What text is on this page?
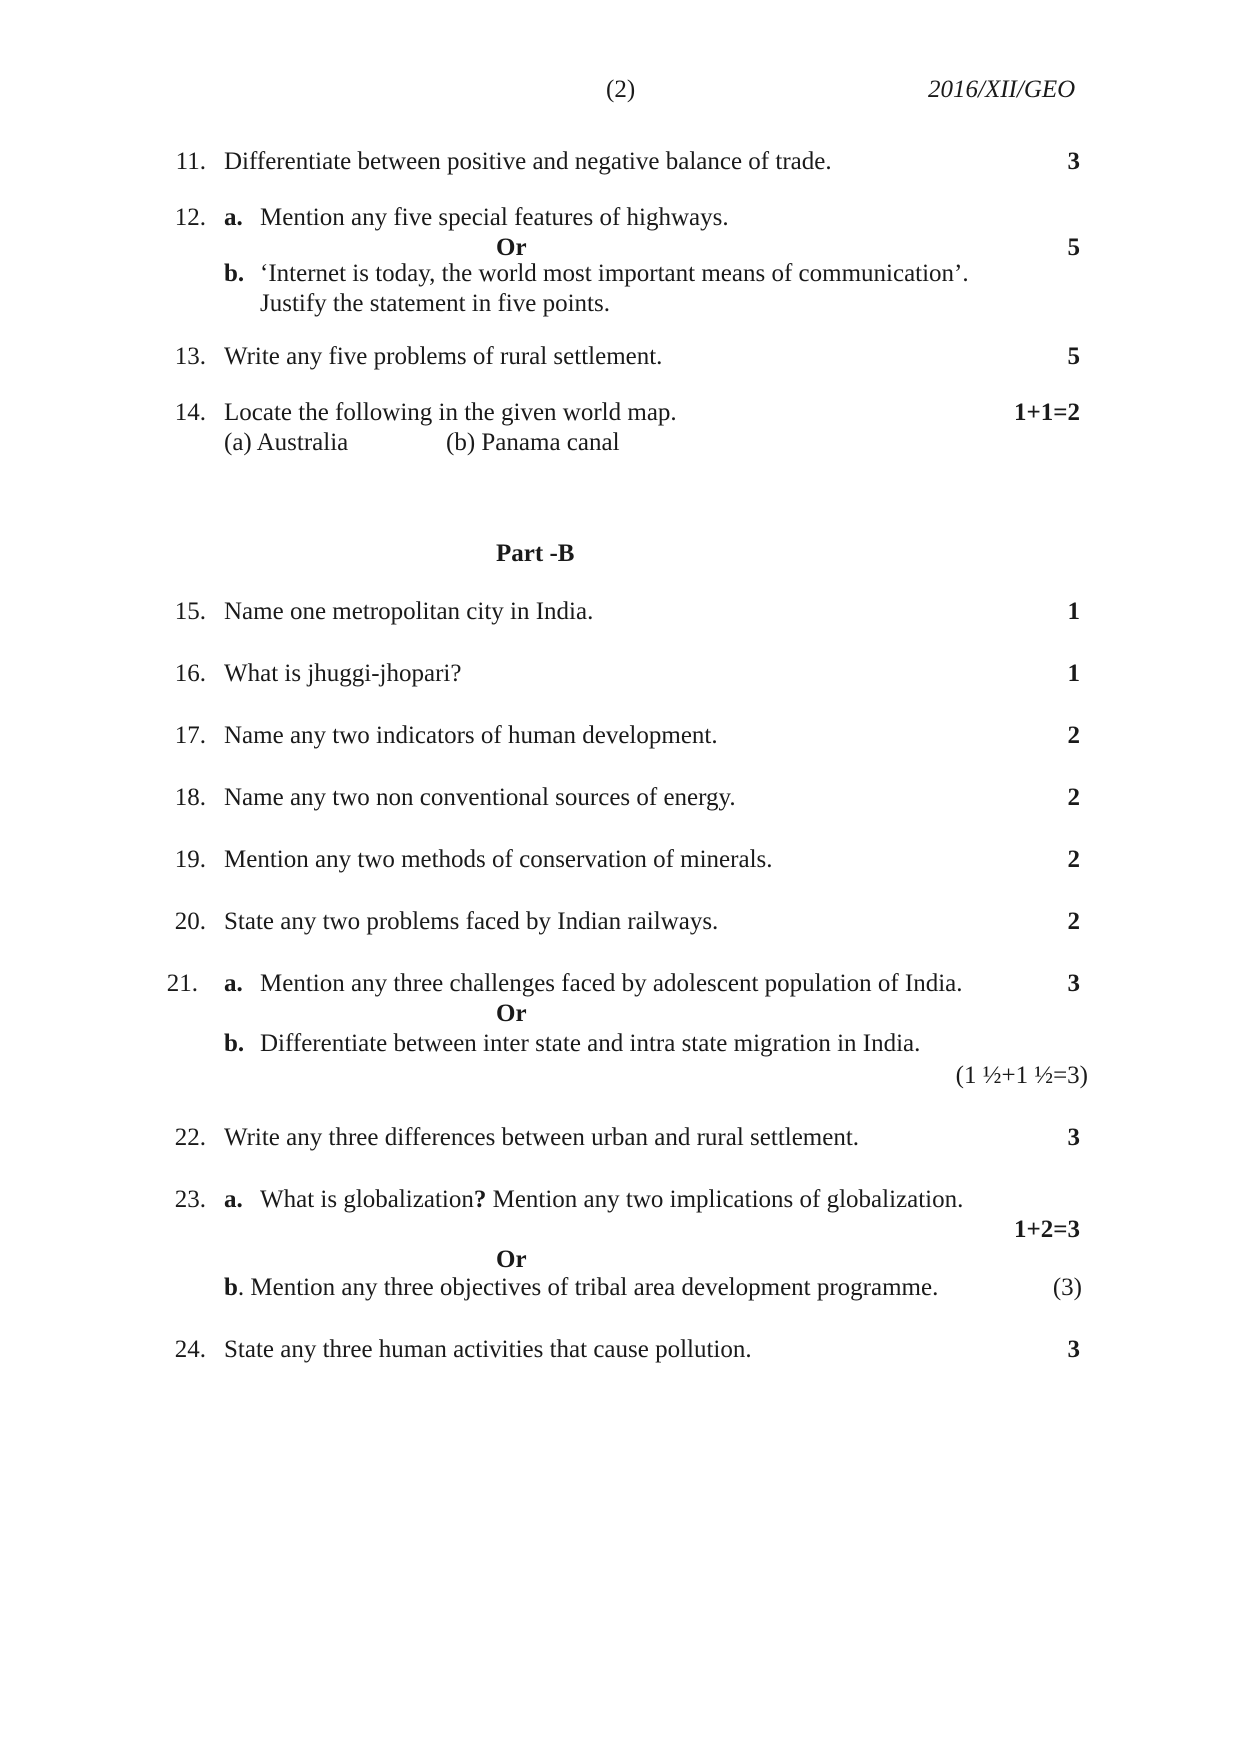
(2)	2016/XII/GEO
11. Differentiate between positive and negative balance of trade.	3
12. a. Mention any five special features of highways.
Or	5
b. ‘Internet is today, the world most important means of communication’.
Justify the statement in five points.
13. Write any five problems of rural settlement.	5
14. Locate the following in the given world map.	1+1=2
(a) Australia	(b) Panama canal
Part -B
15. Name one metropolitan city in India.	1
16. What is jhuggi-jhopari?	1
17. Name any two indicators of human development.	2
18. Name any two non conventional sources of energy.	2
19. Mention any two methods of conservation of minerals.	2
20. State any two problems faced by Indian railways.	2
21. a. Mention any three challenges faced by adolescent population of India.	3
Or
b. Differentiate between inter state and intra state migration in India.
(1 ½+1 ½=3)
22. Write any three differences between urban and rural settlement.	3
23. a. What is globalization? Mention any two implications of globalization.
1+2=3
Or
b. Mention any three objectives of tribal area development programme.	(3)
24. State any three human activities that cause pollution.	3
